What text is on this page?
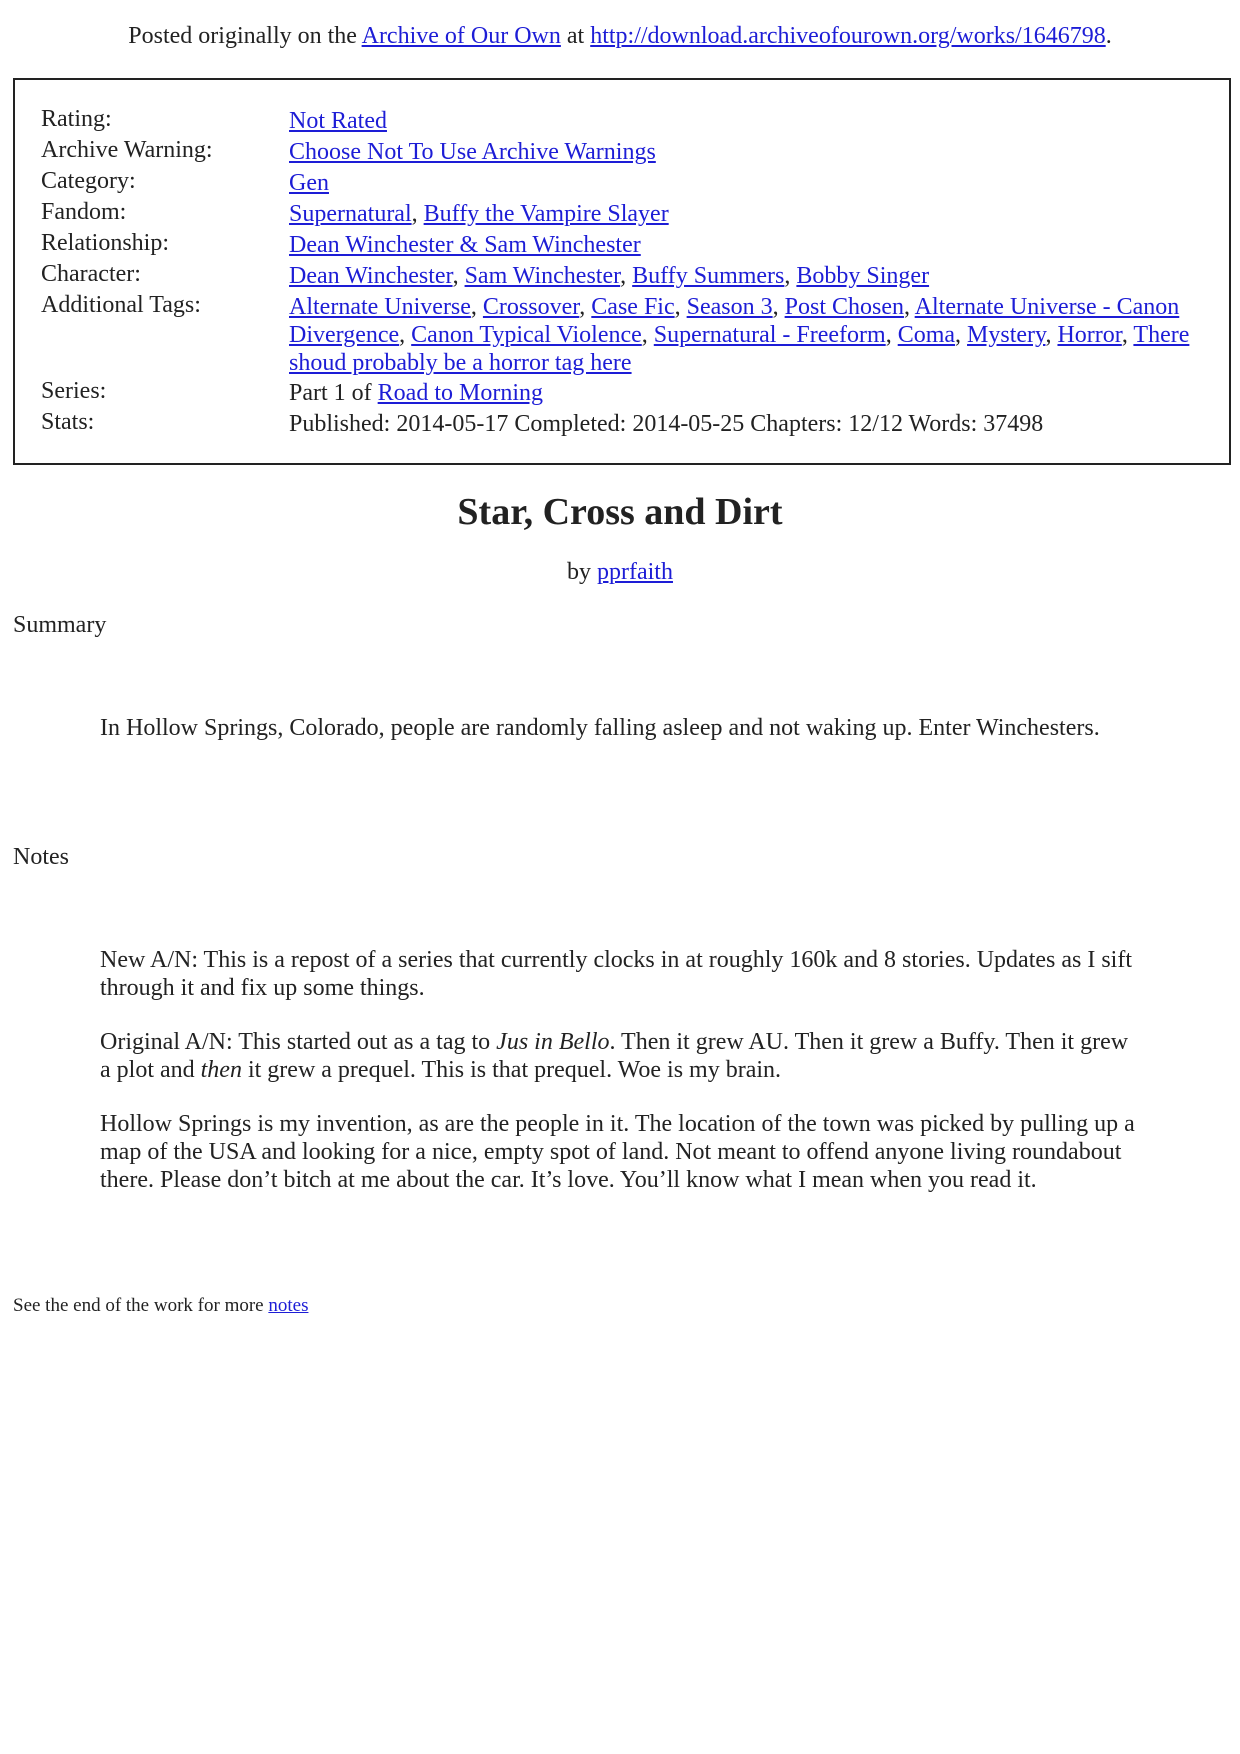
Posted originally on the Archive of Our Own at http://download.archiveofourown.org/works/1646798.
Rating:	Not Rated
Archive Warning:	Choose Not To Use Archive Warnings
Category:	Gen
Fandom:	Supernatural, Buffy the Vampire Slayer
Relationship:	Dean Winchester & Sam Winchester
Character:	Dean Winchester, Sam Winchester, Buffy Summers, Bobby Singer
Additional Tags:	Alternate Universe, Crossover, Case Fic, Season 3, Post Chosen, Alternate Universe - Canon Divergence, Canon Typical Violence, Supernatural - Freeform, Coma, Mystery, Horror, There shoud probably be a horror tag here
Series:	Part 1 of Road to Morning
Stats:	Published: 2014-05-17 Completed: 2014-05-25 Chapters: 12/12 Words: 37498
Star, Cross and Dirt
by pprfaith
Summary

In Hollow Springs, Colorado, people are randomly falling asleep and not waking up. Enter Winchesters.

Notes

New A/N: This is a repost of a series that currently clocks in at roughly 160k and 8 stories. Updates as I sift through it and fix up some things.

Original A/N: This started out as a tag to Jus in Bello. Then it grew AU. Then it grew a Buffy. Then it grew a plot and then it grew a prequel. This is that prequel. Woe is my brain.

Hollow Springs is my invention, as are the people in it. The location of the town was picked by pulling up a map of the USA and looking for a nice, empty spot of land. Not meant to offend anyone living roundabout there. Please don’t bitch at me about the car. It’s love. You’ll know what I mean when you read it.

See the end of the work for more notes
